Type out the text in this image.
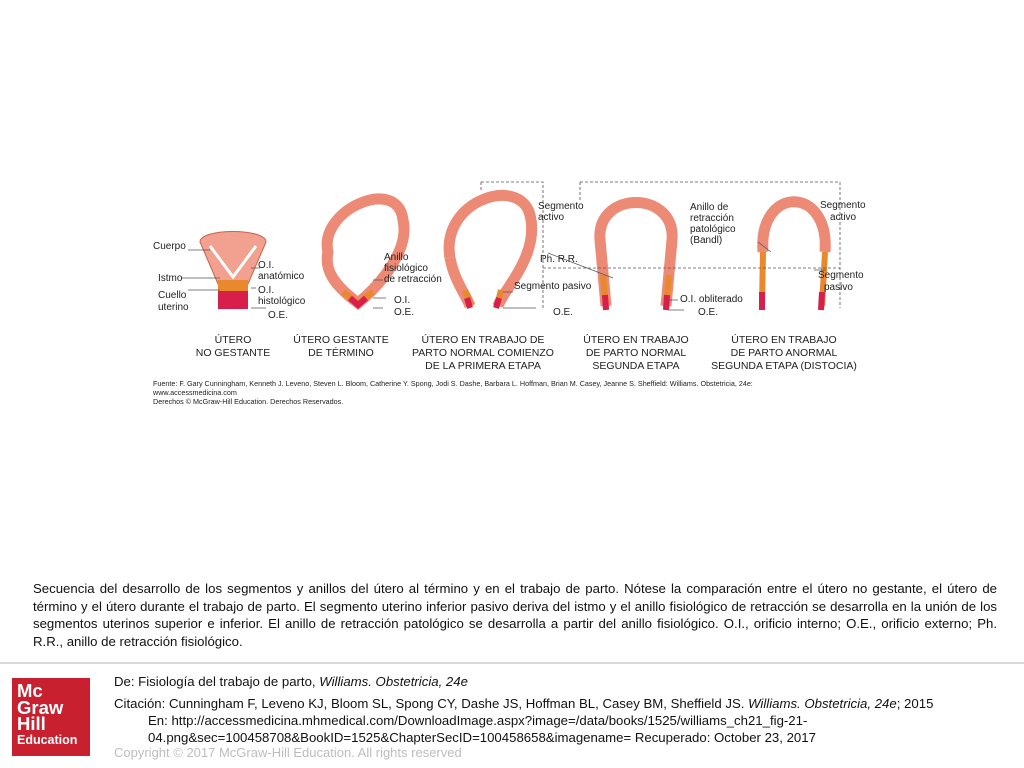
Cuerpo
Istmo
Cuello
uterino
O.I.
anatómico
O.I.
histológico
O.E.
Anillo
fisiológico
de retracción
O.I.
O.E.
Segmento
activo
Ph. R.R.
Segmento pasivo
O.E.
O.I. obliterado
O.E.
Anillo de
retracción
patológico
(Bandl)
Segmento
activo
Segmento
pasivo
ÚTERO
NO GESTANTE
ÚTERO GESTANTE
DE TÉRMINO
ÚTERO EN TRABAJO DE
PARTO NORMAL COMIENZO
DE LA PRIMERA ETAPA
ÚTERO EN TRABAJO
DE PARTO NORMAL
SEGUNDA ETAPA
ÚTERO EN TRABAJO
DE PARTO ANORMAL
SEGUNDA ETAPA (DISTOCIA)
Fuente: F. Gary Cunningham, Kenneth J. Leveno, Steven L. Bloom, Catherine Y. Spong, Jodi S. Dashe, Barbara L. Hoffman, Brian M. Casey, Jeanne S. Sheffield: Williams. Obstetricia, 24e:
www.accessmedicina.com
Derechos © McGraw-Hill Education. Derechos Reservados.
Secuencia del desarrollo de los segmentos y anillos del útero al término y en el trabajo de parto. Nótese la comparación entre el útero no gestante, el útero de término y el útero durante el trabajo de parto. El segmento uterino inferior pasivo deriva del istmo y el anillo fisiológico de retracción se desarrolla en la unión de los segmentos uterinos superior e inferior. El anillo de retracción patológico se desarrolla a partir del anillo fisiológico. O.I., orificio interno; O.E., orificio externo; Ph. R.R., anillo de retracción fisiológico.
Mc
Graw
Hill
Education
De: Fisiología del trabajo de parto, Williams. Obstetricia, 24e
Citación: Cunningham F, Leveno KJ, Bloom SL, Spong CY, Dashe JS, Hoffman BL, Casey BM, Sheffield JS. Williams. Obstetricia, 24e; 2015
En: http://accessmedicina.mhmedical.com/DownloadImage.aspx?image=/data/books/1525/williams_ch21_fig-21-
04.png&sec=100458708&BookID=1525&ChapterSecID=100458658&imagename= Recuperado: October 23, 2017
Copyright © 2017 McGraw-Hill Education. All rights reserved
